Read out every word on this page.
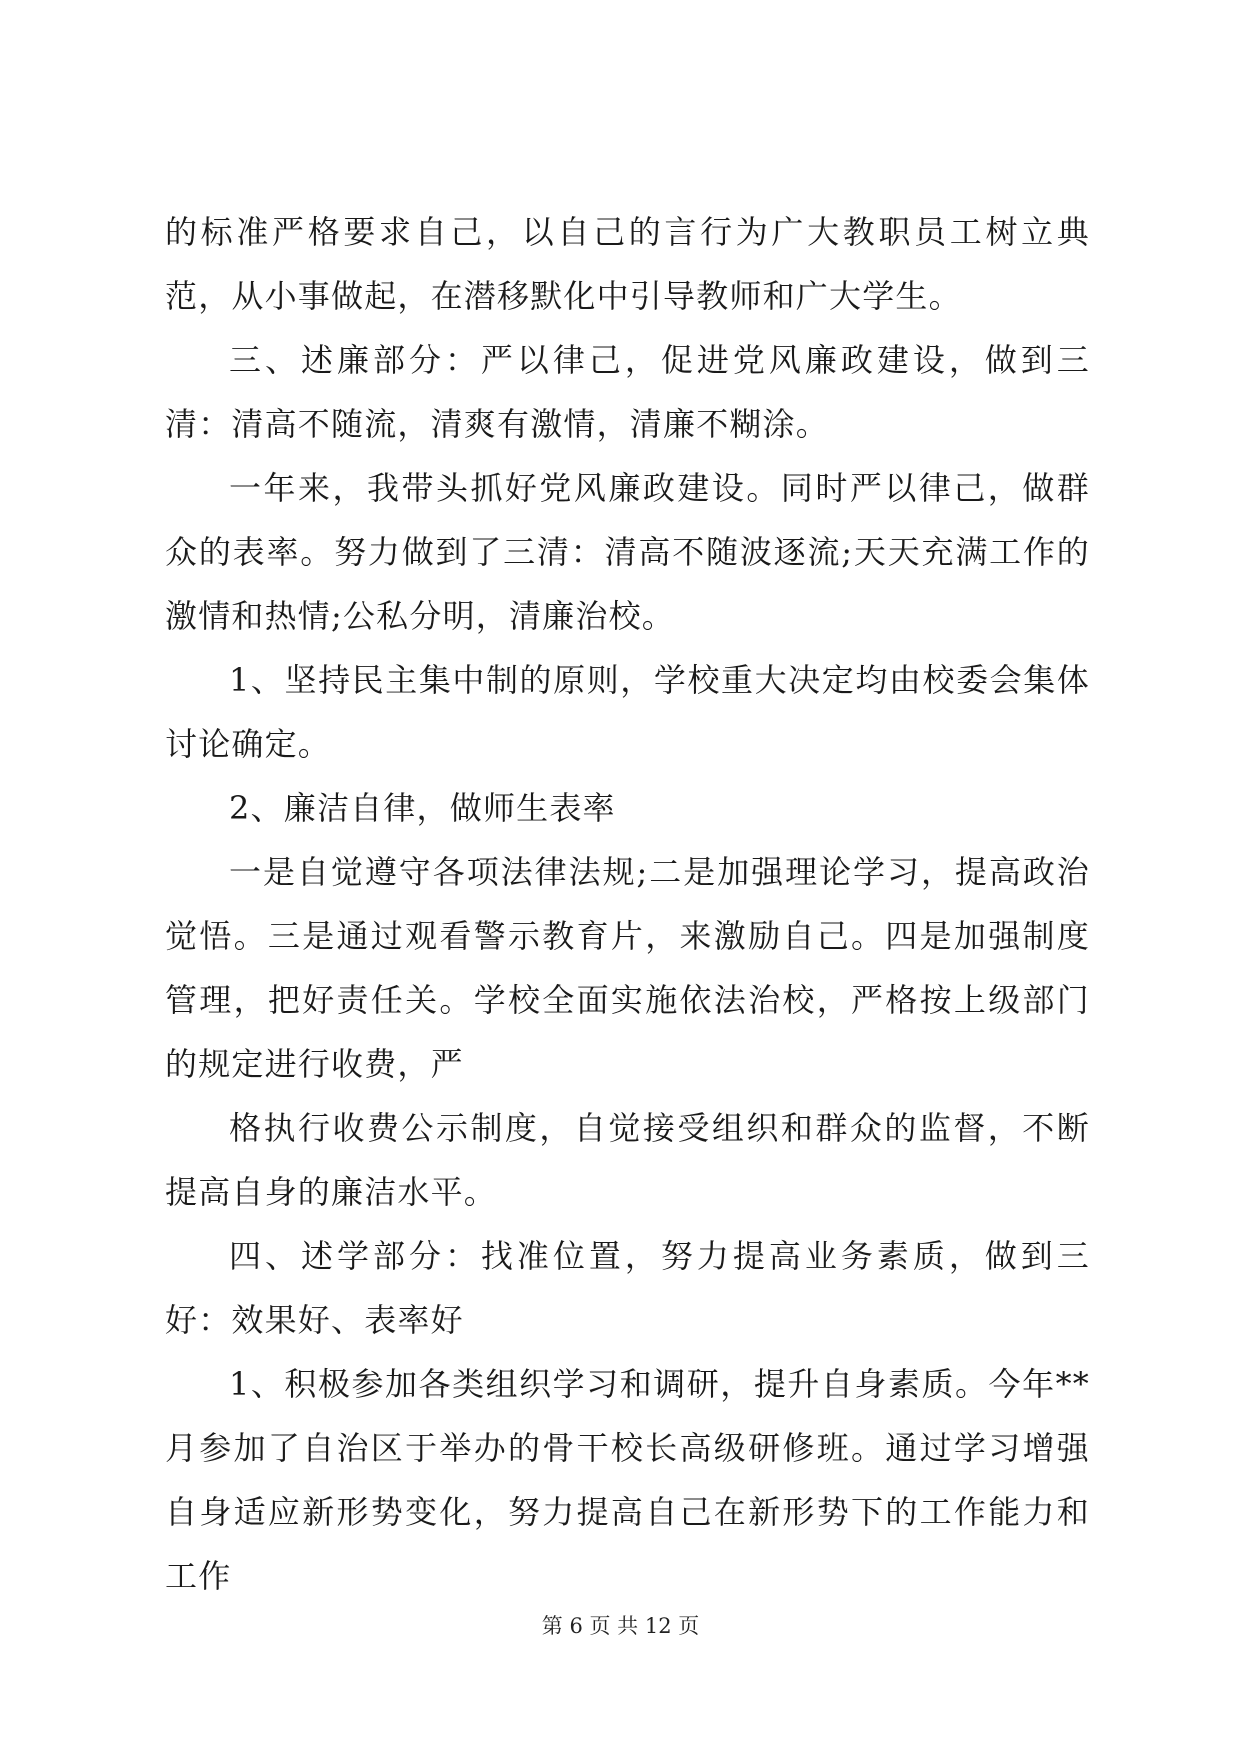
的标准严格要求自己，以自己的言行为广大教职员工树立典范，从小事做起，在潜移默化中引导教师和广大学生。

三、述廉部分：严以律己，促进党风廉政建设，做到三清：清高不随流，清爽有激情，清廉不糊涂。

一年来，我带头抓好党风廉政建设。同时严以律己，做群众的表率。努力做到了三清：清高不随波逐流;天天充满工作的激情和热情;公私分明，清廉治校。

1、坚持民主集中制的原则，学校重大决定均由校委会集体讨论确定。

2、廉洁自律，做师生表率

一是自觉遵守各项法律法规;二是加强理论学习，提高政治觉悟。三是通过观看警示教育片，来激励自己。四是加强制度管理，把好责任关。学校全面实施依法治校，严格按上级部门的规定进行收费，严

格执行收费公示制度，自觉接受组织和群众的监督，不断提高自身的廉洁水平。

四、述学部分：找准位置，努力提高业务素质，做到三好：效果好、表率好

1、积极参加各类组织学习和调研，提升自身素质。今年**月参加了自治区于举办的骨干校长高级研修班。通过学习增强自身适应新形势变化，努力提高自己在新形势下的工作能力和工作

第 6 页 共 12 页
